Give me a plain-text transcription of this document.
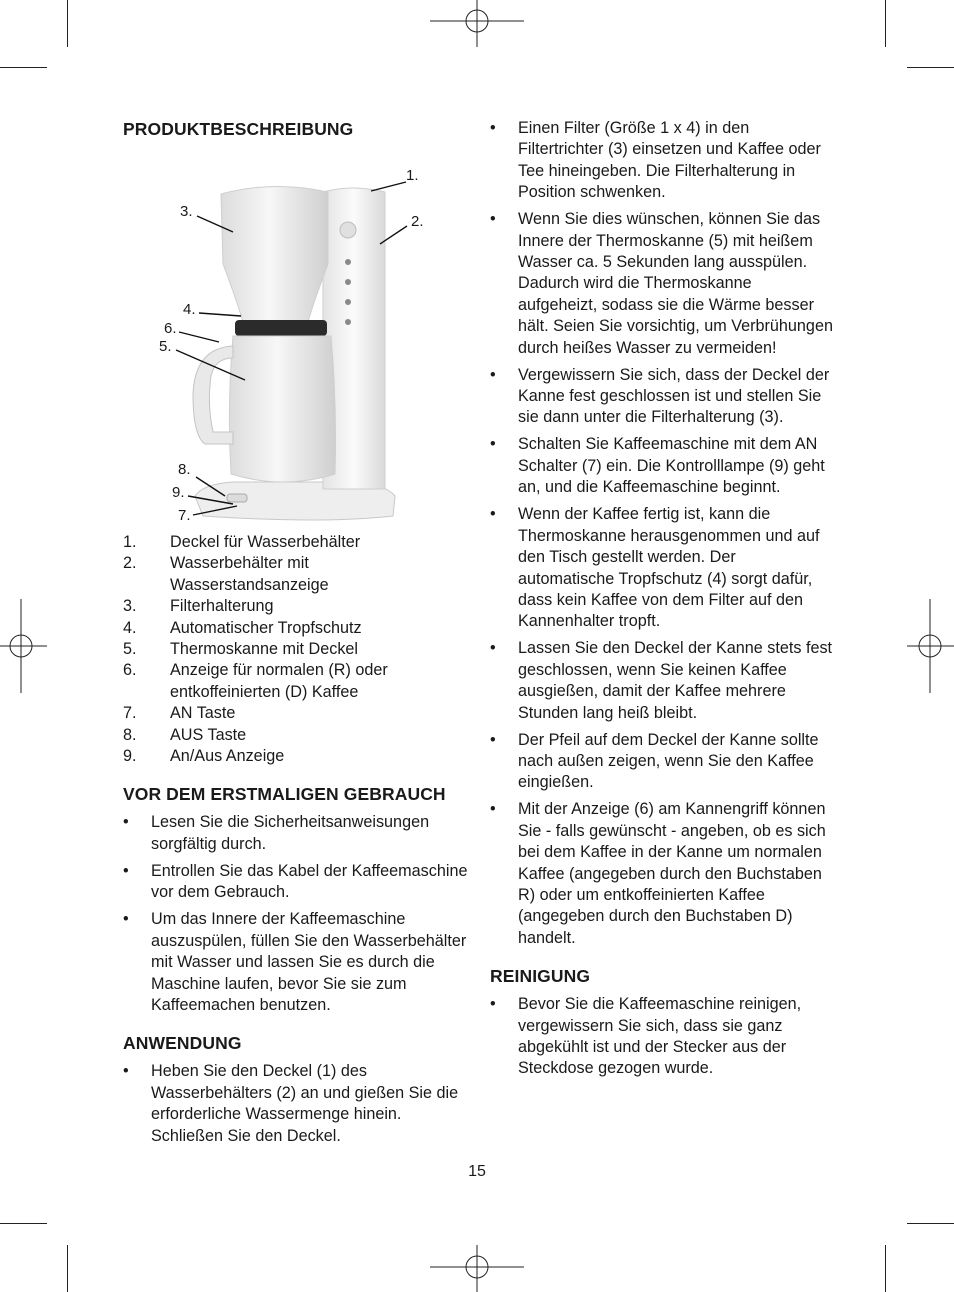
PRODUKTBESCHREIBUNG
1.
2.
3.
4.
6.
5.
8.
9.
7.
1.	Deckel für Wasserbehälter
2.	Wasserbehälter mit Wasserstandsanzeige
3.	Filterhalterung
4.	Automatischer Tropfschutz
5.	Thermoskanne mit Deckel
6.	Anzeige für normalen (R) oder entkoffeinierten (D) Kaffee
7.	AN Taste
8.	AUS Taste
9.	An/Aus Anzeige
VOR DEM ERSTMALIGEN GEBRAUCH
•	Lesen Sie die Sicherheitsanweisungen sorgfältig durch.
•	Entrollen Sie das Kabel der Kaffeemaschine vor dem Gebrauch.
•	Um das Innere der Kaffeemaschine auszuspülen, füllen Sie den Wasserbehälter mit Wasser und lassen Sie es durch die Maschine laufen, bevor Sie sie zum Kaffeemachen benutzen.
ANWENDUNG
•	Heben Sie den Deckel (1) des Wasserbehälters (2) an und gießen Sie die erforderliche Wassermenge hinein. Schließen Sie den Deckel.
•	Einen Filter (Größe 1 x 4) in den Filtertrichter (3) einsetzen und Kaffee oder Tee hineingeben. Die Filterhalterung in Position schwenken.
•	Wenn Sie dies wünschen, können Sie das Innere der Thermoskanne (5) mit heißem Wasser ca. 5 Sekunden lang ausspülen. Dadurch wird die Thermoskanne aufgeheizt, sodass sie die Wärme besser hält. Seien Sie vorsichtig, um Verbrühungen durch heißes Wasser zu vermeiden!
•	Vergewissern Sie sich, dass der Deckel der Kanne fest geschlossen ist und stellen Sie sie dann unter die Filterhalterung (3).
•	Schalten Sie Kaffeemaschine mit dem AN Schalter (7) ein. Die Kontrolllampe (9) geht an, und die Kaffeemaschine beginnt.
•	Wenn der Kaffee fertig ist, kann die Thermoskanne herausgenommen und auf den Tisch gestellt werden. Der automatische Tropfschutz (4) sorgt dafür, dass kein Kaffee von dem Filter auf den Kannenhalter tropft.
•	Lassen Sie den Deckel der Kanne stets fest geschlossen, wenn Sie keinen Kaffee ausgießen, damit der Kaffee mehrere Stunden lang heiß bleibt.
•	Der Pfeil auf dem Deckel der Kanne sollte nach außen zeigen, wenn Sie den Kaffee eingießen.
•	Mit der Anzeige (6) am Kannengriff können Sie - falls gewünscht - angeben, ob es sich bei dem Kaffee in der Kanne um normalen Kaffee (angegeben durch den Buchstaben R) oder um entkoffeinierten Kaffee (angegeben durch den Buchstaben D) handelt.
REINIGUNG
•	Bevor Sie die Kaffeemaschine reinigen, vergewissern Sie sich, dass sie ganz abgekühlt ist und der Stecker aus der Steckdose gezogen wurde.
15
